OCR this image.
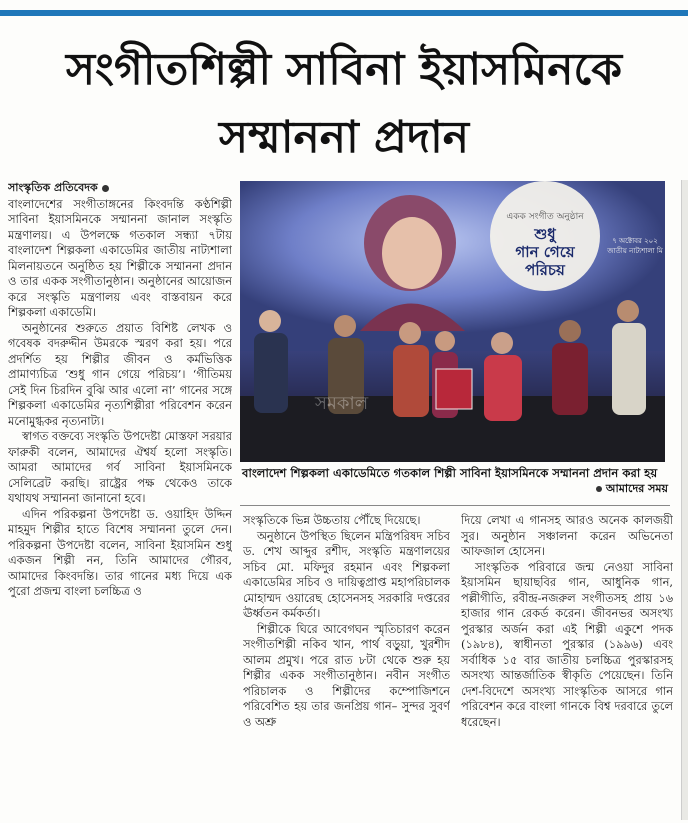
সংগীতশিল্পী সাবিনা ইয়াসমিনকে
সম্মাননা প্রদান
সাংস্কৃতিক প্রতিবেদক

বাংলাদেশের সংগীতাঙ্গনের কিংবদন্তি কণ্ঠশিল্পী সাবিনা ইয়াসমিনকে সম্মাননা জানাল সংস্কৃতি মন্ত্রণালয়। এ উপলক্ষে গতকাল সন্ধ্যা ৭টায় বাংলাদেশ শিল্পকলা একাডেমির জাতীয় নাট্যশালা মিলনায়তনে অনুষ্ঠিত হয় শিল্পীকে সম্মাননা প্রদান ও তার একক সংগীতানুষ্ঠান। অনুষ্ঠানের আয়োজন করে সংস্কৃতি মন্ত্রণালয় এবং বাস্তবায়ন করে শিল্পকলা একাডেমি।

অনুষ্ঠানের শুরুতে প্রয়াত বিশিষ্ট লেখক ও গবেষক বদরুদ্দীন উমরকে স্মরণ করা হয়। পরে প্রদর্শিত হয় শিল্পীর জীবন ও কর্মভিত্তিক প্রামাণ্যচিত্র ‘শুধু গান গেয়ে পরিচয়’। ‘গীতিময় সেই দিন চিরদিন বুঝি আর এলো না’ গানের সঙ্গে শিল্পকলা একাডেমির নৃত্যশিল্পীরা পরিবেশন করেন মনোমুগ্ধকর নৃত্যনাট্য।

স্বাগত বক্তব্যে সংস্কৃতি উপদেষ্টা মোস্তফা সরয়ার ফারুকী বলেন, আমাদের ঐশ্বর্য হলো সংস্কৃতি। আমরা আমাদের গর্ব সাবিনা ইয়াসমিনকে সেলিব্রেট করছি। রাষ্ট্রের পক্ষ থেকেও তাকে যথাযথ সম্মাননা জানানো হবে।

এদিন পরিকল্পনা উপদেষ্টা ড. ওয়াহিদ উদ্দিন মাহমুদ শিল্পীর হাতে বিশেষ সম্মাননা তুলে দেন। পরিকল্পনা উপদেষ্টা বলেন, সাবিনা ইয়াসমিন শুধু একজন শিল্পী নন, তিনি আমাদের গৌরব, আমাদের কিংবদন্তি। তার গানের মধ্য দিয়ে এক পুরো প্রজন্ম বাংলা চলচ্চিত্র ও

একক সংগীত অনুষ্ঠান
শুধু
গান গেয়ে
পরিচয়
৭ অক্টোবর ২০২
জাতীয় নাট্যশালা মি
সমকাল
বাংলাদেশ শিল্পকলা একাডেমিতে গতকাল শিল্পী সাবিনা ইয়াসমিনকে সম্মাননা প্রদান করা হয়
আমাদের সময়

সংস্কৃতিকে ভিন্ন উচ্চতায় পৌঁছে দিয়েছে।

অনুষ্ঠানে উপস্থিত ছিলেন মন্ত্রিপরিষদ সচিব ড. শেখ আব্দুর রশীদ, সংস্কৃতি মন্ত্রণালয়ের সচিব মো. মফিদুর রহমান এবং শিল্পকলা একাডেমির সচিব ও দায়িত্বপ্রাপ্ত মহাপরিচালক মোহাম্মদ ওয়ারেছ হোসেনসহ সরকারি দপ্তরের ঊর্ধ্বতন কর্মকর্তা।

শিল্পীকে ঘিরে আবেগঘন স্মৃতিচারণ করেন সংগীতশিল্পী নকিব খান, পার্থ বড়ুয়া, খুরশীদ আলম প্রমুখ। পরে রাত ৮টা থেকে শুরু হয় শিল্পীর একক সংগীতানুষ্ঠান। নবীন সংগীত পরিচালক ও শিল্পীদের কম্পোজিশনে পরিবেশিত হয় তার জনপ্রিয় গান– সুন্দর সুবর্ণ ও অশ্রু

দিয়ে লেখা এ গানসহ আরও অনেক কালজয়ী সুর। অনুষ্ঠান সঞ্চালনা করেন অভিনেতা আফজাল হোসেন।

সাংস্কৃতিক পরিবারে জন্ম নেওয়া সাবিনা ইয়াসমিন ছায়াছবির গান, আধুনিক গান, পল্লীগীতি, রবীন্দ্র-নজরুল সংগীতসহ প্রায় ১৬ হাজার গান রেকর্ড করেন। জীবনভর অসংখ্য পুরস্কার অর্জন করা এই শিল্পী একুশে পদক (১৯৮৪), স্বাধীনতা পুরস্কার (১৯৯৬) এবং সর্বাধিক ১৫ বার জাতীয় চলচ্চিত্র পুরস্কারসহ অসংখ্য আন্তর্জাতিক স্বীকৃতি পেয়েছেন। তিনি দেশ-বিদেশে অসংখ্য সাংস্কৃতিক আসরে গান পরিবেশন করে বাংলা গানকে বিশ্ব দরবারে তুলে ধরেছেন।
